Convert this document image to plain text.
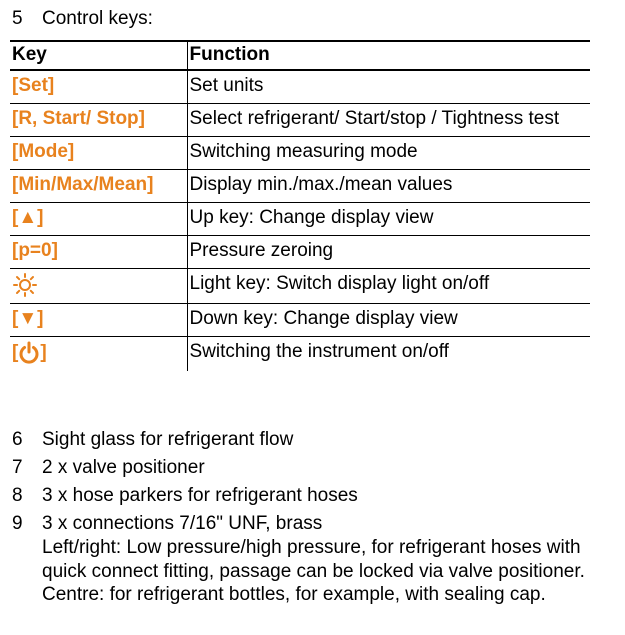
5 Control keys:
Key	Function
[Set]	Set units
[R, Start/ Stop]	Select refrigerant/ Start/stop / Tightness test
[Mode]	Switching measuring mode
[Min/Max/Mean]	Display min./max./mean values
[▲]	Up key: Change display view
[p=0]	Pressure zeroing
	Light key: Switch display light on/off
[▼]	Down key: Change display view
[ ]	Switching the instrument on/off
6 Sight glass for refrigerant flow
7 2 x valve positioner
8 3 x hose parkers for refrigerant hoses
9 3 x connections 7/16" UNF, brass
Left/right: Low pressure/high pressure, for refrigerant hoses with quick connect fitting, passage can be locked via valve positioner. Centre: for refrigerant bottles, for example, with sealing cap.
